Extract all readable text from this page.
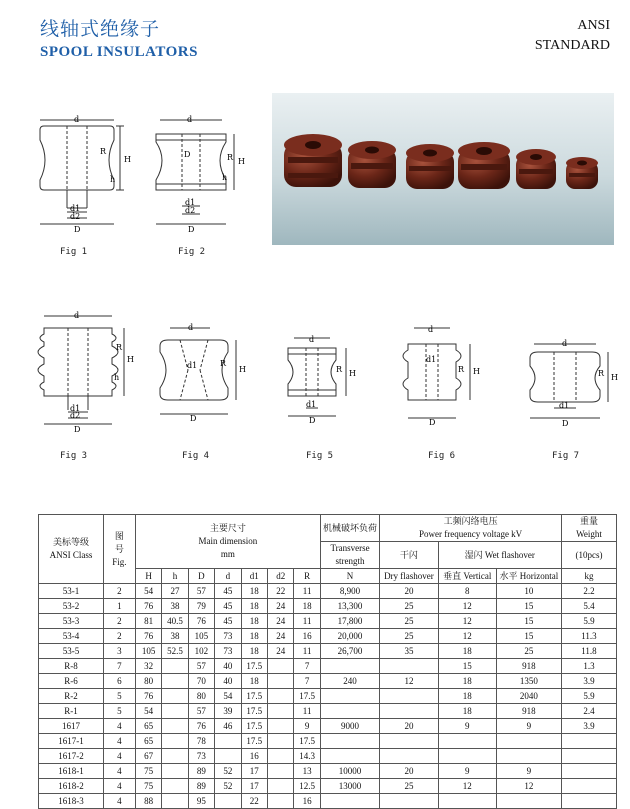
线轴式绝缘子
SPOOL INSULATORS
ANSI
STANDARD
d
H
h
R
d1
d2
D
Fig 1
d
H
h
R
D
d1
d2
D
Fig 2
d
H
h
R
d1
d2
D
Fig 3
d
H
R
d1
D
Fig 4
d
H
R
d1
D
Fig 5
d
H
R
d1
D
Fig 6
d
H
R
d1
D
Fig 7
美标等级
ANSI Class	图
号
Fig.	主要尺寸
Main dimension
mm							机械破坏负荷	工频闪络电压
Power frequency voltage kV			重量
Weight
									Transverse
strength	干闪	湿闪 Wet flashover		(10pcs)
		H	h	D	d	d1	d2	R	N	Dry flashover	垂直 Vertical	水平 Horizontal	kg
53-1	2	54	27	57	45	18	22	11	8,900	20	8	10	2.2
53-2	1	76	38	79	45	18	24	18	13,300	25	12	15	5.4
53-3	2	81	40.5	76	45	18	24	11	17,800	25	12	15	5.9
53-4	2	76	38	105	73	18	24	16	20,000	25	12	15	11.3
53-5	3	105	52.5	102	73	18	24	11	26,700	35	18	25	11.8
R-8	7	32		57	40	17.5		7			15	918	1.3
R-6	6	80		70	40	18		7	240	12	18	1350	3.9
R-2	5	76		80	54	17.5		17.5			18	2040	5.9
R-1	5	54		57	39	17.5		11			18	918	2.4
1617	4	65		76	46	17.5		9	9000	20	9	9	3.9
1617-1	4	65		78		17.5		17.5					
1617-2	4	67		73		16		14.3					
1618-1	4	75		89	52	17		13	10000	20	9	9	
1618-2	4	75		89	52	17		12.5	13000	25	12	12	
1618-3	4	88		95		22		16					
